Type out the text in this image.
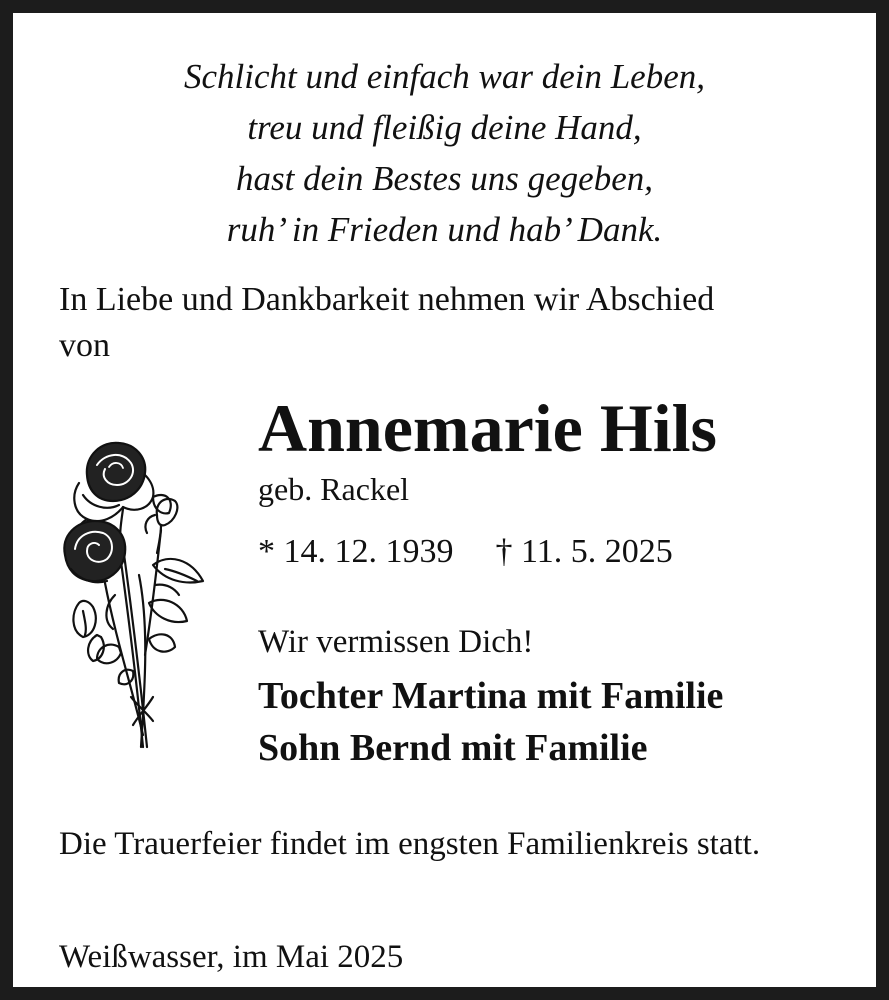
Schlicht und einfach war dein Leben,
treu und fleißig deine Hand,
hast dein Bestes uns gegeben,
ruh’ in Frieden und hab’ Dank.
In Liebe und Dankbarkeit nehmen wir Abschied
von
Annemarie Hils
geb. Rackel
* 14. 12. 1939 † 11. 5. 2025
Wir vermissen Dich!
Tochter Martina mit Familie
Sohn Bernd mit Familie
Die Trauerfeier findet im engsten Familienkreis statt.
Weißwasser, im Mai 2025
